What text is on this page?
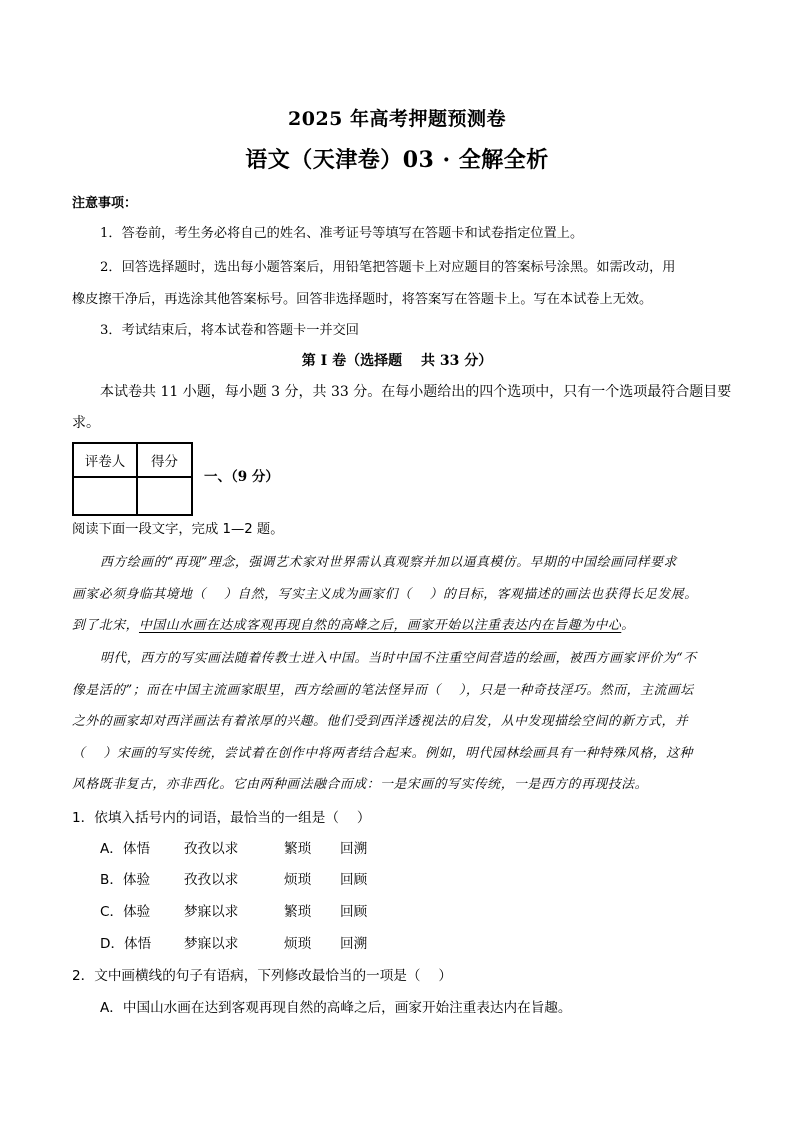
2025 年高考押题预测卷
语文（天津卷）03 · 全解全析
注意事项：
1．答卷前，考生务必将自己的姓名、准考证号等填写在答题卡和试卷指定位置上。
2．回答选择题时，选出每小题答案后，用铅笔把答题卡上对应题目的答案标号涂黑。如需改动，用
橡皮擦干净后，再选涂其他答案标号。回答非选择题时，将答案写在答题卡上。写在本试卷上无效。
3．考试结束后，将本试卷和答题卡一并交回
第 I 卷（选择题　 共 33 分）
本试卷共 11 小题，每小题 3 分，共 33 分。在每小题给出的四个选项中，只有一个选项最符合题目要
求。
评卷人	得分

一、（9 分）
阅读下面一段文字，完成 1—2 题。
西方绘画的“再现”理念，强调艺术家对世界需认真观察并加以逼真模仿。早期的中国绘画同样要求
画家必须身临其境地（　 ）自然，写实主义成为画家们（　 ）的目标，客观描述的画法也获得长足发展。
到了北宋，中国山水画在达成客观再现自然的高峰之后，画家开始以注重表达内在旨趣为中心。
明代，西方的写实画法随着传教士进入中国。当时中国不注重空间营造的绘画，被西方画家评价为“不
像是活的”；而在中国主流画家眼里，西方绘画的笔法怪异而（　 ），只是一种奇技淫巧。然而，主流画坛
之外的画家却对西洋画法有着浓厚的兴趣。他们受到西洋透视法的启发，从中发现描绘空间的新方式，并
（　 ）宋画的写实传统，尝试着在创作中将两者结合起来。例如，明代园林绘画具有一种特殊风格，这种
风格既非复古，亦非西化。它由两种画法融合而成：一是宋画的写实传统，一是西方的再现技法。
1．依填入括号内的词语，最恰当的一组是（　 ）
A．体悟 孜孜以求	繁琐 回溯
B．体验 孜孜以求	烦琐 回顾
C．体验 梦寐以求	繁琐 回顾
D．体悟 梦寐以求	烦琐 回溯
2．文中画横线的句子有语病，下列修改最恰当的一项是（　 ）
A．中国山水画在达到客观再现自然的高峰之后，画家开始注重表达内在旨趣。
